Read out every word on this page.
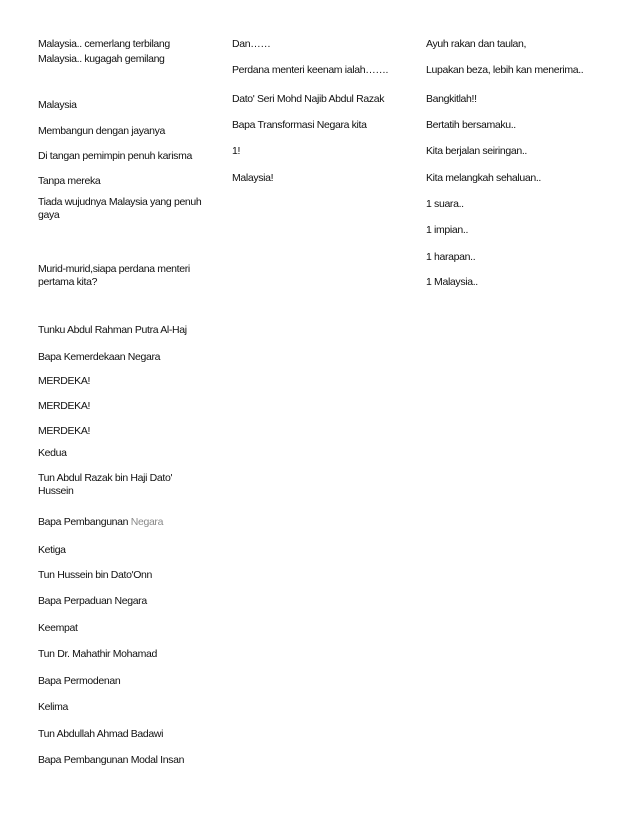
Malaysia.. cemerlang terbilang
Malaysia.. kugagah gemilang
Malaysia
Membangun dengan jayanya
Di tangan pemimpin penuh karisma
Tanpa mereka
Tiada wujudnya Malaysia yang penuh gaya
Murid-murid,siapa perdana menteri pertama kita?
Tunku Abdul Rahman Putra Al-Haj
Bapa Kemerdekaan Negara
MERDEKA!
MERDEKA!
MERDEKA!
Kedua
Tun Abdul Razak bin Haji Dato' Hussein
Bapa Pembangunan Negara
Ketiga
Tun Hussein bin Dato'Onn
Bapa Perpaduan Negara
Keempat
Tun Dr. Mahathir Mohamad
Bapa Permodenan
Kelima
Tun Abdullah Ahmad Badawi
Bapa Pembangunan Modal Insan
Dan……
Perdana menteri keenam ialah…….
Dato' Seri Mohd Najib Abdul Razak
Bapa Transformasi Negara kita
1!
Malaysia!
Ayuh rakan dan taulan,
Lupakan beza, lebih kan menerima..
Bangkitlah!!
Bertatih bersamaku..
Kita berjalan seiringan..
Kita melangkah sehaluan..
1 suara..
1 impian..
1 harapan..
1 Malaysia..
